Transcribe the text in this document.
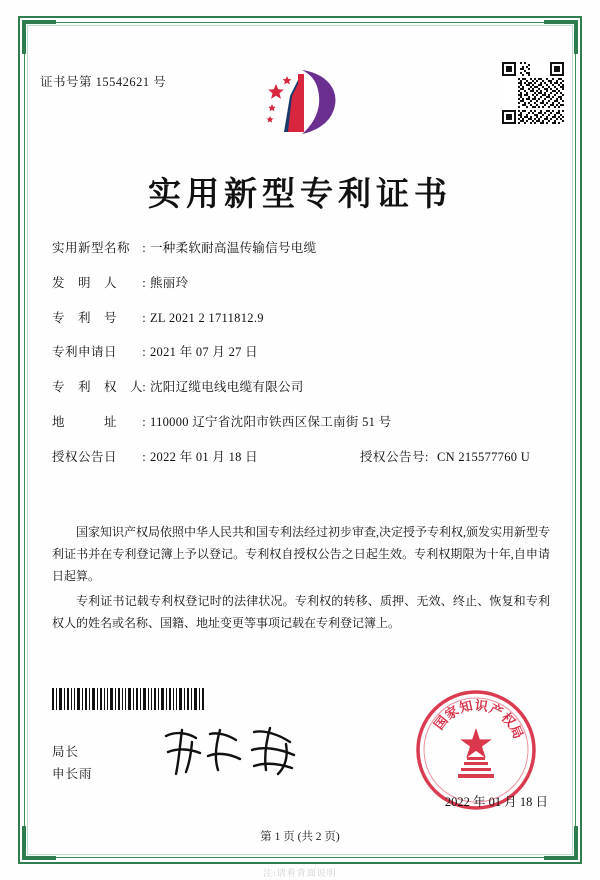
证书号第 15542621 号
实用新型专利证书
实用新型名称 : 一种柔软耐高温传输信号电缆
发　明　人	: 熊丽玲
专　利　号	: ZL 2021 2 1711812.9
专利申请日	: 2021 年 07 月 27 日
专　利　权　人 : 沈阳辽缆电线电缆有限公司
地　　　址	: 110000 辽宁省沈阳市铁西区保工南街 51 号
授权公告日	: 2022 年 01 月 18 日	授权公告号: CN 215577760 U

国家知识产权局依照中华人民共和国专利法经过初步审查,决定授予专利权,颁发实用新型专利证书并在专利登记簿上予以登记。专利权自授权公告之日起生效。专利权期限为十年,自申请日起算。

专利证书记载专利权登记时的法律状况。专利权的转移、质押、无效、终止、恢复和专利权人的姓名或名称、国籍、地址变更等事项记载在专利登记簿上。

国
家
知 识
产
权
局
2022 年 01 月 18 日
局长
申长雨
第 1 页 (共 2 页)
注:请看背面说明
